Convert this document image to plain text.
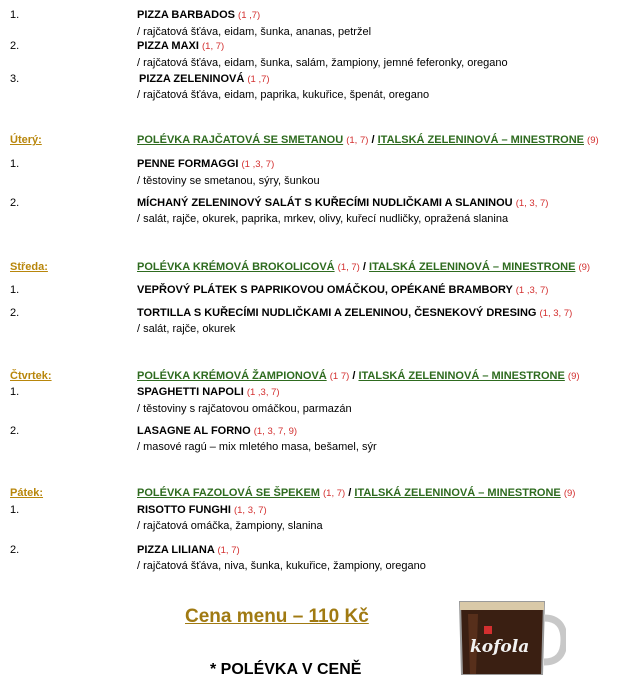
1.	PIZZA BARBADOS (1 ,7)
/ rajčatová šťáva, eidam, šunka, ananas, petržel
2.	PIZZA MAXI (1, 7)
/ rajčatová šťáva, eidam, šunka, salám, žampiony, jemné feferonky, oregano
3.	PIZZA ZELENINOVÁ (1 ,7)
/ rajčatová šťáva, eidam, paprika, kukuřice, špenát, oregano
Úterý:	POLÉVKA RAJČATOVÁ SE SMETANOU (1, 7) / ITALSKÁ ZELENINOVÁ – MINESTRONE (9)
1.	PENNE FORMAGGI (1 ,3, 7)
/ těstoviny se smetanou, sýry, šunkou
2.	MÍCHANÝ ZELENINOVÝ SALÁT S KUŘECÍMI NUDLIČKAMI A SLANINOU (1, 3, 7)
/ salát, rajče, okurek, paprika, mrkev, olivy, kuřecí nudličky, opražená slanina
Středa:	POLÉVKA KRÉMOVÁ BROKOLICOVÁ (1, 7) / ITALSKÁ ZELENINOVÁ – MINESTRONE (9)
1.	VEPŘOVÝ PLÁTEK S PAPRIKOVOU OMÁČKOU, OPÉKANÉ BRAMBORY (1 ,3, 7)
2.	TORTILLA S KUŘECÍMI NUDLIČKAMI A ZELENINOU, ČESNEKOVÝ DRESING (1, 3, 7)
/ salát, rajče, okurek
Čtvrtek:	POLÉVKA KRÉMOVÁ ŽAMPIONOVÁ (1 7) / ITALSKÁ ZELENINOVÁ – MINESTRONE (9)
1.	SPAGHETTI NAPOLI (1 ,3, 7)
/ těstoviny s rajčatovou omáčkou, parmazán
2.	LASAGNE AL FORNO (1, 3, 7, 9)
/ masové ragú – mix mletého masa, bešamel, sýr
Pátek:	POLÉVKA FAZOLOVÁ SE ŠPEKEM (1, 7) / ITALSKÁ ZELENINOVÁ – MINESTRONE (9)
1.	RISOTTO FUNGHI (1, 3, 7)
/ rajčatová omáčka, žampiony, slanina
2.	PIZZA LILIANA (1, 7)
/ rajčatová šťáva, niva, šunka, kukuřice, žampiony, oregano
Cena menu – 110 Kč
* POLÉVKA V CENĚ
kofola
